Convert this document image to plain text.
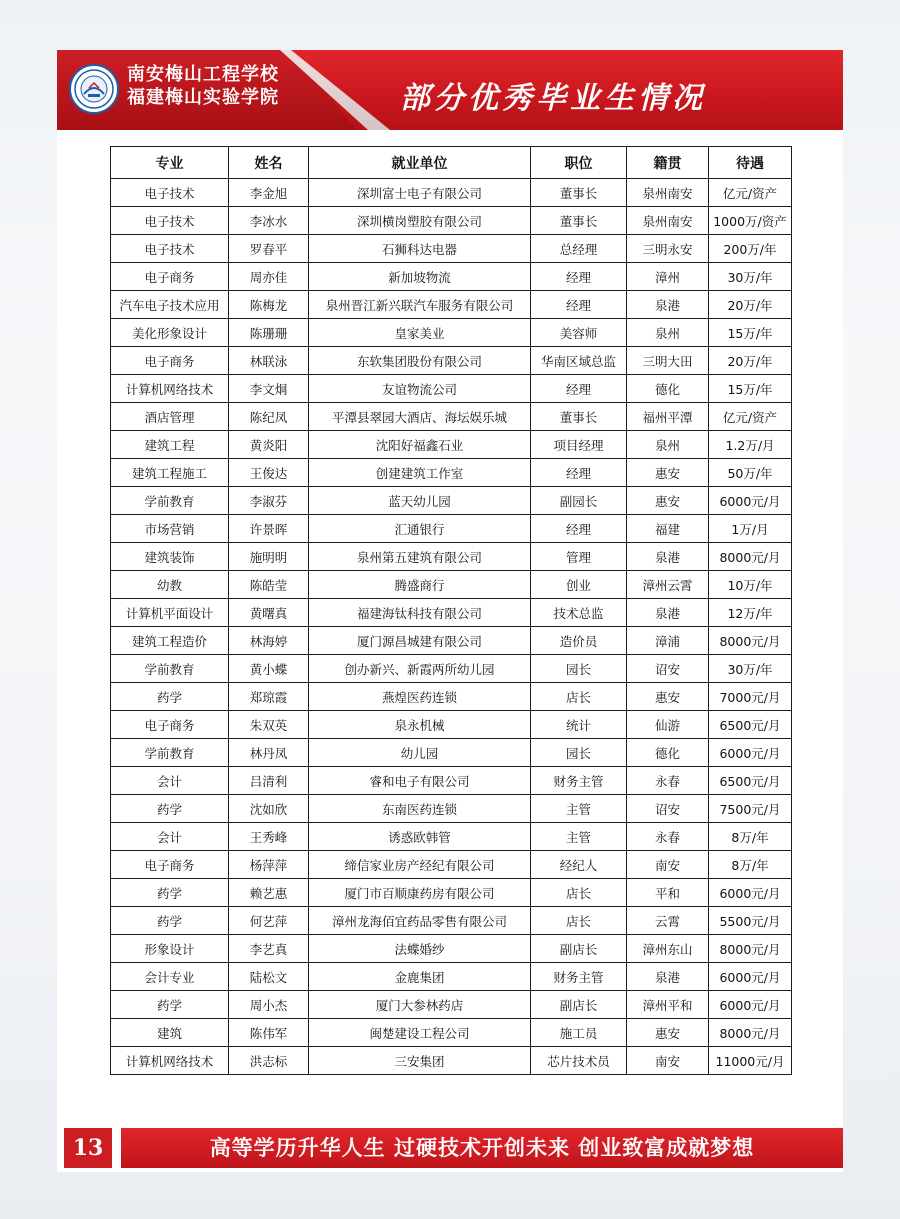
南安梅山工程学校
福建梅山实验学院	部分优秀毕业生情况
专业	姓名	就业单位	职位	籍贯	待遇
电子技术	李金旭	深圳富士电子有限公司	董事长	泉州南安	亿元/资产
电子技术	李冰水	深圳横岗塑胶有限公司	董事长	泉州南安	1000万/资产
电子技术	罗春平	石狮科达电器	总经理	三明永安	200万/年
电子商务	周亦佳	新加坡物流	经理	漳州	30万/年
汽车电子技术应用	陈梅龙	泉州晋江新兴联汽车服务有限公司	经理	泉港	20万/年
美化形象设计	陈珊珊	皇家美业	美容师	泉州	15万/年
电子商务	林联泳	东软集团股份有限公司	华南区域总监	三明大田	20万/年
计算机网络技术	李文炯	友谊物流公司	经理	德化	15万/年
酒店管理	陈纪凤	平潭县翠园大酒店、海坛娱乐城	董事长	福州平潭	亿元/资产
建筑工程	黄炎阳	沈阳好福鑫石业	项目经理	泉州	1.2万/月
建筑工程施工	王俊达	创建建筑工作室	经理	惠安	50万/年
学前教育	李淑芬	蓝天幼儿园	副园长	惠安	6000元/月
市场营销	许景晖	汇通银行	经理	福建	1万/月
建筑装饰	施明明	泉州第五建筑有限公司	管理	泉港	8000元/月
幼教	陈皓莹	腾盛商行	创业	漳州云霄	10万/年
计算机平面设计	黄曙真	福建海钛科技有限公司	技术总监	泉港	12万/年
建筑工程造价	林海婷	厦门源昌城建有限公司	造价员	漳浦	8000元/月
学前教育	黄小蝶	创办新兴、新霞两所幼儿园	园长	诏安	30万/年
药学	郑琼霞	燕煌医药连锁	店长	惠安	7000元/月
电子商务	朱双英	泉永机械	统计	仙游	6500元/月
学前教育	林丹凤	幼儿园	园长	德化	6000元/月
会计	吕清利	睿和电子有限公司	财务主管	永春	6500元/月
药学	沈如欣	东南医药连锁	主管	诏安	7500元/月
会计	王秀峰	诱惑欧韩管	主管	永春	8万/年
电子商务	杨萍萍	缔信家业房产经纪有限公司	经纪人	南安	8万/年
药学	赖艺惠	厦门市百顺康药房有限公司	店长	平和	6000元/月
药学	何艺萍	漳州龙海佰宜药品零售有限公司	店长	云霄	5500元/月
形象设计	李艺真	法蝶婚纱	副店长	漳州东山	8000元/月
会计专业	陆松文	金鹿集团	财务主管	泉港	6000元/月
药学	周小杰	厦门大参林药店	副店长	漳州平和	6000元/月
建筑	陈伟军	闽楚建设工程公司	施工员	惠安	8000元/月
计算机网络技术	洪志标	三安集团	芯片技术员	南安	11000元/月
13	高等学历升华人生 过硬技术开创未来 创业致富成就梦想
